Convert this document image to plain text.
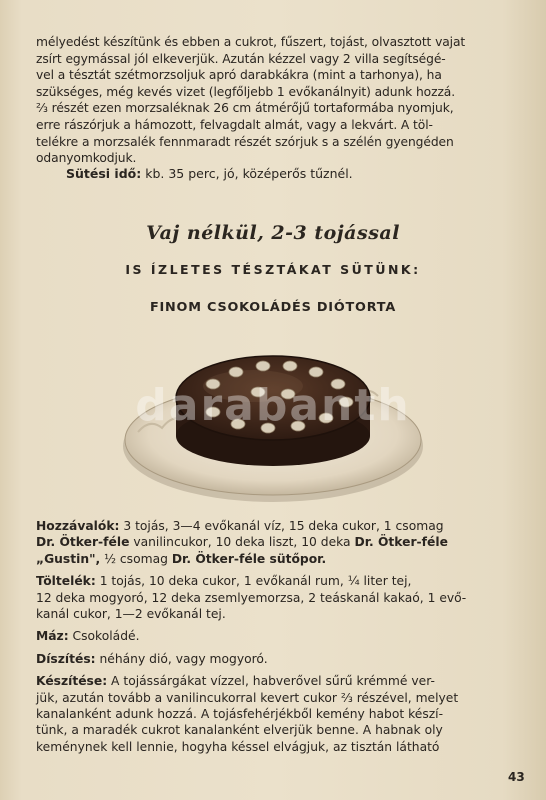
mélyedést készítünk és ebben a cukrot, fűszert, tojást, olvasztott vajat
zsírt egymással jól elkeverjük. Azután kézzel vagy 2 villa segítségé-
vel a tésztát szétmorzsoljuk apró darabkákra (mint a tarhonya), ha
szükséges, még kevés vizet (legfőljebb 1 evőkanálnyit) adunk hozzá.
⅔ részét ezen morzsaléknak 26 cm átmérőjű tortaformába nyomjuk,
erre rászórjuk a hámozott, felvagdalt almát, vagy a lekvárt. A töl-
telékre a morzsalék fennmaradt részét szórjuk s a szélén gyengéden
odanyomkodjuk.

Sütési idő: kb. 35 perc, jó, középerős tűznél.

Vaj nélkül, 2-3 tojással
IS ÍZLETES TÉSZTÁKAT SÜTÜNK:
FINOM CSOKOLÁDÉS DIÓTORTA
darabanth
Hozzávalók: 3 tojás, 3—4 evőkanál víz, 15 deka cukor, 1 csomag
Dr. Ötker-féle vanilincukor, 10 deka liszt, 10 deka Dr. Ötker-féle
„Gustin", ½ csomag Dr. Ötker-féle sütőpor.
Töltelék: 1 tojás, 10 deka cukor, 1 evőkanál rum, ¼ liter tej,
12 deka mogyoró, 12 deka zsemlyemorzsa, 2 teáskanál kakaó, 1 evő-
kanál cukor, 1—2 evőkanál tej.
Máz: Csokoládé.
Díszítés: néhány dió, vagy mogyoró.
Készítése: A tojássárgákat vízzel, habverővel sűrű krémmé ver-
jük, azután tovább a vanilincukorral kevert cukor ⅔ részével, melyet
kanalanként adunk hozzá. A tojásfehérjékből kemény habot készí-
tünk, a maradék cukrot kanalanként elverjük benne. A habnak oly
keménynek kell lennie, hogyha késsel elvágjuk, az tisztán látható
43
